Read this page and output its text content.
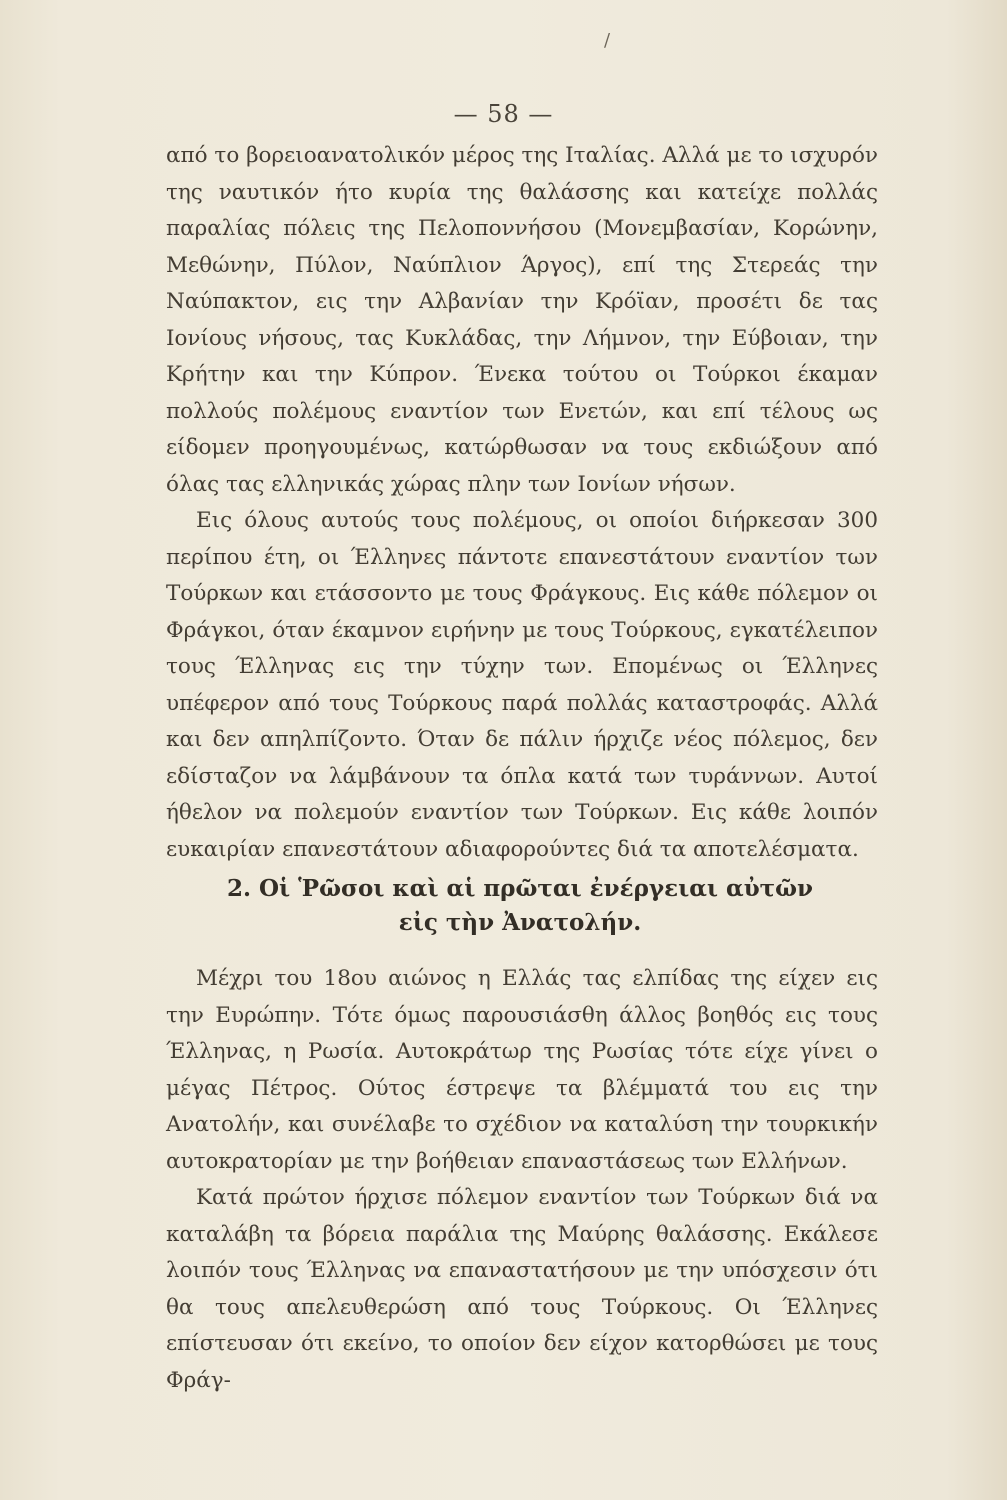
/
— 58 —

από το βορειοανατολικόν μέρος της Ιταλίας. Αλλά με το ισχυρόν της ναυτικόν ήτο κυρία της θαλάσσης και κατείχε πολλάς παραλίας πόλεις της Πελοποννήσου (Μονεμβασίαν, Κορώνην, Μεθώνην, Πύλον, Ναύπλιον Άργος), επί της Στερεάς την Ναύπακτον, εις την Αλβανίαν την Κρόϊαν, προσέτι δε τας Ιονίους νήσους, τας Κυκλάδας, την Λήμνον, την Εύβοιαν, την Κρήτην και την Κύπρον. Ένεκα τούτου οι Τούρκοι έκαμαν πολλούς πολέμους εναντίον των Ενετών, και επί τέλους ως είδομεν προηγουμένως, κατώρθωσαν να τους εκδιώξουν από όλας τας ελληνικάς χώρας πλην των Ιονίων νήσων.

Εις όλους αυτούς τους πολέμους, οι οποίοι διήρκεσαν 300 περίπου έτη, οι Έλληνες πάντοτε επανεστάτουν εναντίον των Τούρκων και ετάσσοντο με τους Φράγκους. Εις κάθε πόλεμον οι Φράγκοι, όταν έκαμνον ειρήνην με τους Τούρκους, εγκατέλειπον τους Έλληνας εις την τύχην των. Επομένως οι Έλληνες υπέφερον από τους Τούρκους παρά πολλάς καταστροφάς. Αλλά και δεν απηλπίζοντο. Όταν δε πάλιν ήρχιζε νέος πόλεμος, δεν εδίσταζον να λάμβάνουν τα όπλα κατά των τυράννων. Αυτοί ήθελον να πολεμούν εναντίον των Τούρκων. Εις κάθε λοιπόν ευκαιρίαν επανεστάτουν αδιαφορούντες διά τα αποτελέσματα.

2. Οἱ Ῥῶσοι καὶ αἱ πρῶται ἐνέργειαι αὐτῶν
εἰς τὴν Ἀνατολήν.

Μέχρι του 18ου αιώνος η Ελλάς τας ελπίδας της είχεν εις την Ευρώπην. Τότε όμως παρουσιάσθη άλλος βοηθός εις τους Έλληνας, η Ρωσία. Αυτοκράτωρ της Ρωσίας τότε είχε γίνει ο μέγας Πέτρος. Ούτος έστρεψε τα βλέμματά του εις την Ανατολήν, και συνέλαβε το σχέδιον να καταλύση την τουρκικήν αυτοκρατορίαν με την βοήθειαν επαναστάσεως των Ελλήνων.

Κατά πρώτον ήρχισε πόλεμον εναντίον των Τούρκων διά να καταλάβη τα βόρεια παράλια της Μαύρης θαλάσσης. Εκάλεσε λοιπόν τους Έλληνας να επαναστατήσουν με την υπόσχεσιν ότι θα τους απελευθερώση από τους Τούρκους. Οι Έλληνες επίστευσαν ότι εκείνο, το οποίον δεν είχον κατορθώσει με τους Φράγ-
